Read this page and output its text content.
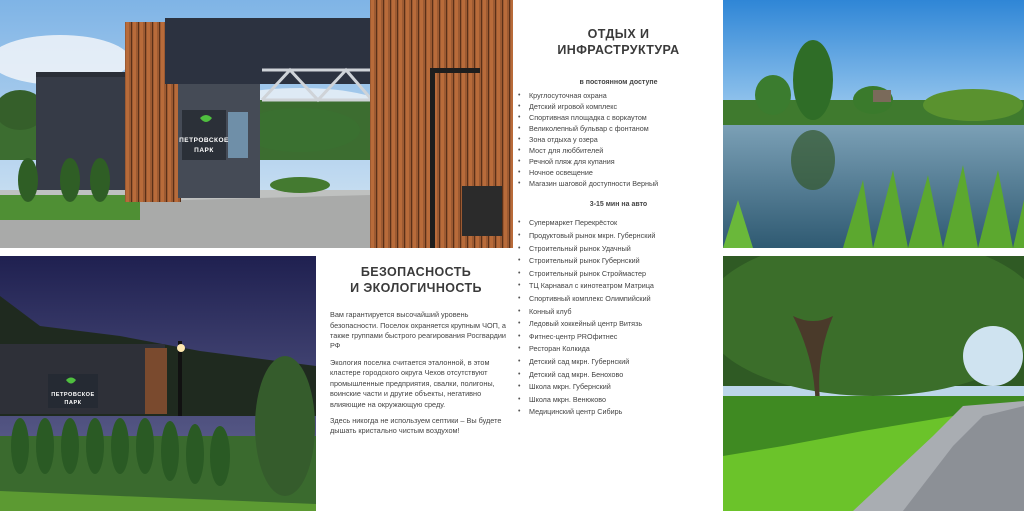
ПЕТРОВСКОЕ
ПАРК
ПЕТРОВСКОЕ
ПАРК
ОТДЫХ И
ИНФРАСТРУКТУРА
в постоянном доступе
• Круглосуточная охрана
• Детский игровой комплекс
• Спортивная площадка с воркаутом
• Великолепный бульвар с фонтаном
• Зона отдыха у озера
• Мост для люббителей
• Речной пляж для купания
• Ночное освещение
• Магазин шаговой доступности Верный
3-15 мин на авто
• Супермаркет Перекрёсток
• Продуктовый рынок мкрн. Губернский
• Строительный рынок Удачный
• Строительный рынок Губернский
• Строительный рынок Строймастер
• ТЦ Карнавал с кинотеатром Матрица
• Спортивный комплекс Олимпийский
• Конный клуб
• Ледовый хоккейный центр Витязь
• Фитнес-центр PROфитнес
• Ресторан Колкида
• Детский сад мкрн. Губернский
• Детский сад мкрн. Бенохово
• Школа мкрн. Губернский
• Школа мкрн. Венюково
• Медицинский центр Сибирь
БЕЗОПАСНОСТЬ
И ЭКОЛОГИЧНОСТЬ

Вам гарантируется высочайший уровень безопасности. Поселок охраняется крупным ЧОП, а также группами быстрого реагирования Росгвардии РФ

Экология поселка считается эталонной, в этом кластере городского округа Чехов отсутствуют промышленные предприятия, свалки, полигоны, воинские части и другие объекты, негативно влияющие на окружающую среду.

Здесь никогда не используем септики – Вы будете дышать кристально чистым воздухом!
